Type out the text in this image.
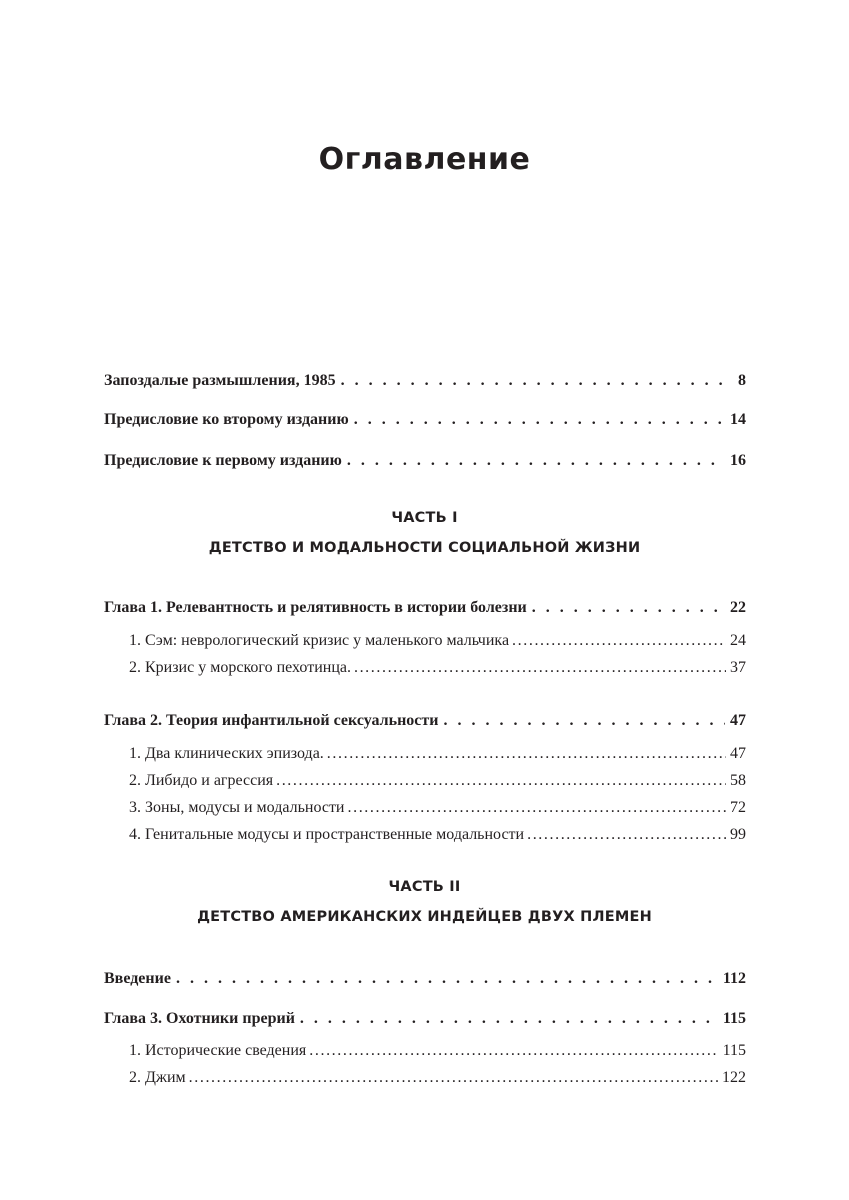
Оглавление
Запоздалые размышления, 1985 . . .	8
Предисловие ко второму изданию . . .	14
Предисловие к первому изданию . . .	16
ЧАСТЬ I
ДЕТСТВО И МОДАЛЬНОСТИ СОЦИАЛЬНОЙ ЖИЗНИ
Глава 1. Релевантность и релятивность в истории болезни . . .	22
1. Сэм: неврологический кризис у маленького мальчика .....	24
2. Кризис у морского пехотинца. .....	37
Глава 2. Теория инфантильной сексуальности . . .	47
1. Два клинических эпизода. .....	47
2. Либидо и агрессия .....	58
3. Зоны, модусы и модальности .....	72
4. Генитальные модусы и пространственные модальности .....	99
ЧАСТЬ II
ДЕТСТВО АМЕРИКАНСКИХ ИНДЕЙЦЕВ ДВУХ ПЛЕМЕН
Введение . . .	112
Глава 3. Охотники прерий . . .	115
1. Исторические сведения .....	115
2. Джим .....	122
